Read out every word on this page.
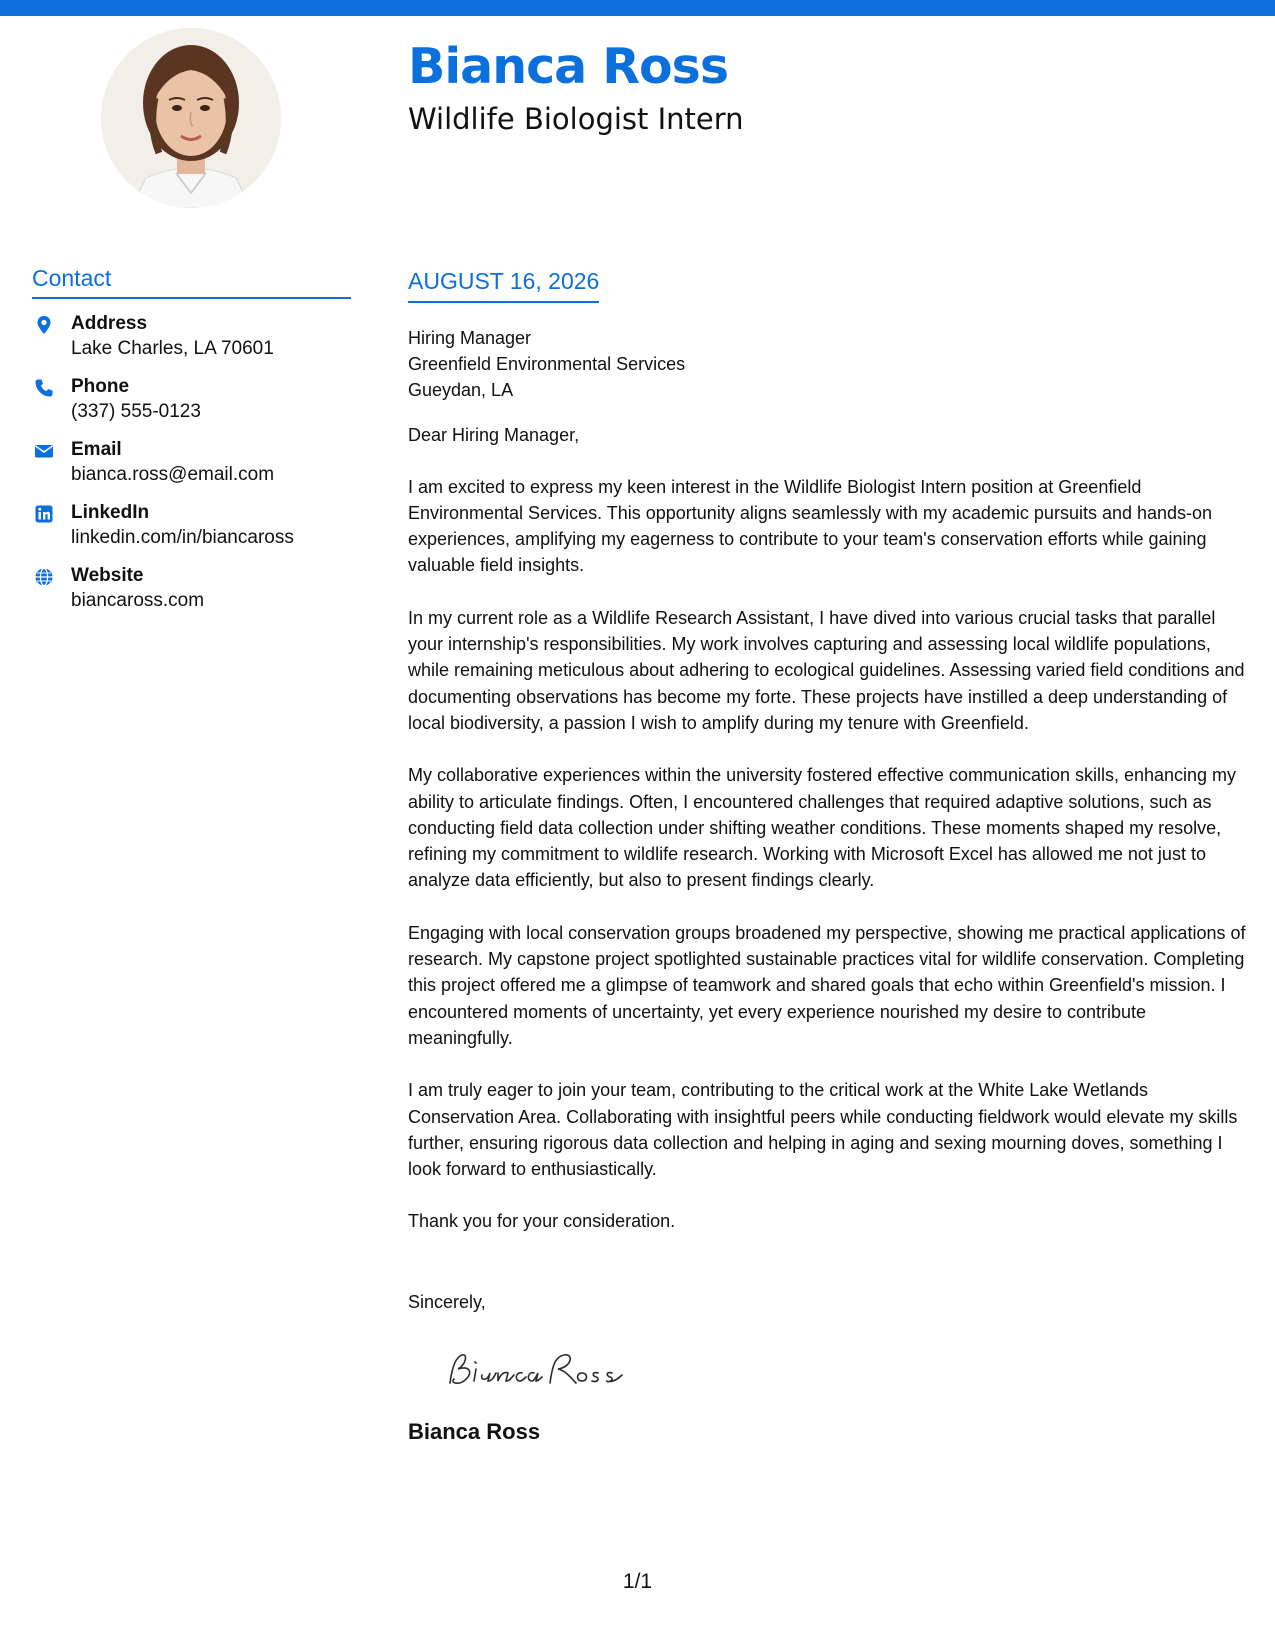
Bianca Ross
Wildlife Biologist Intern
Contact
Address
Lake Charles, LA 70601
Phone
(337) 555-0123
Email
bianca.ross@email.com
LinkedIn
linkedin.com/in/biancaross
Website
biancaross.com
AUGUST 16, 2026
Hiring Manager
Greenfield Environmental Services
Gueydan, LA

Dear Hiring Manager,

I am excited to express my keen interest in the Wildlife Biologist Intern position at Greenfield Environmental Services. This opportunity aligns seamlessly with my academic pursuits and hands-on experiences, amplifying my eagerness to contribute to your team's conservation efforts while gaining valuable field insights.

In my current role as a Wildlife Research Assistant, I have dived into various crucial tasks that parallel your internship's responsibilities. My work involves capturing and assessing local wildlife populations, while remaining meticulous about adhering to ecological guidelines. Assessing varied field conditions and documenting observations has become my forte. These projects have instilled a deep understanding of local biodiversity, a passion I wish to amplify during my tenure with Greenfield.

My collaborative experiences within the university fostered effective communication skills, enhancing my ability to articulate findings. Often, I encountered challenges that required adaptive solutions, such as conducting field data collection under shifting weather conditions. These moments shaped my resolve, refining my commitment to wildlife research. Working with Microsoft Excel has allowed me not just to analyze data efficiently, but also to present findings clearly.

Engaging with local conservation groups broadened my perspective, showing me practical applications of research. My capstone project spotlighted sustainable practices vital for wildlife conservation. Completing this project offered me a glimpse of teamwork and shared goals that echo within Greenfield's mission. I encountered moments of uncertainty, yet every experience nourished my desire to contribute meaningfully.

I am truly eager to join your team, contributing to the critical work at the White Lake Wetlands Conservation Area. Collaborating with insightful peers while conducting fieldwork would elevate my skills further, ensuring rigorous data collection and helping in aging and sexing mourning doves, something I look forward to enthusiastically.

Thank you for your consideration.

Sincerely,

Bianca Ross

1/1
